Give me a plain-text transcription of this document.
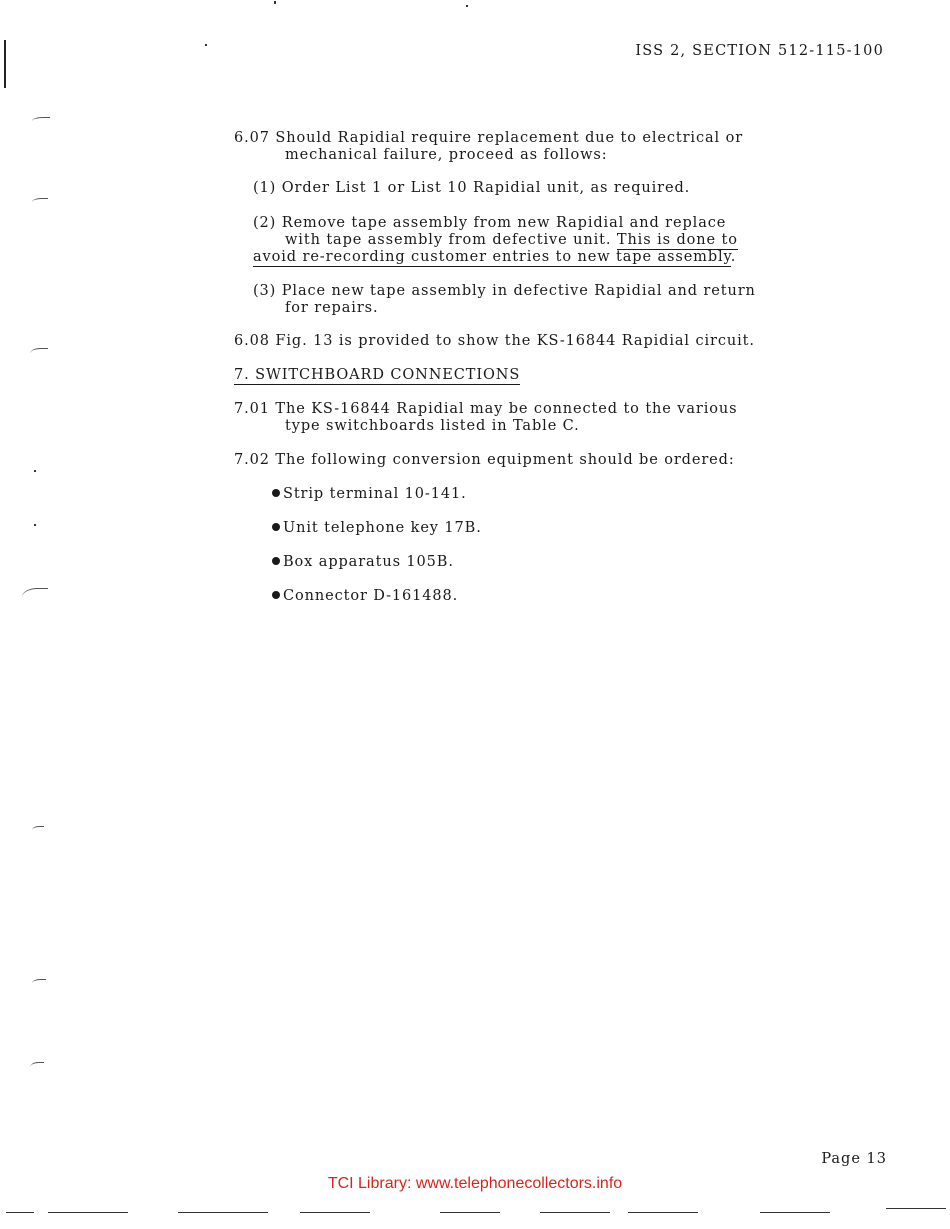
ISS 2, SECTION 512-115-100
6.07 Should Rapidial require replacement due to electrical or
mechanical failure, proceed as follows:
(1) Order List 1 or List 10 Rapidial unit, as required.
(2) Remove tape assembly from new Rapidial and replace
with tape assembly from defective unit. This is done to
avoid re-recording customer entries to new tape assembly.
(3) Place new tape assembly in defective Rapidial and return
for repairs.
6.08 Fig. 13 is provided to show the KS-16844 Rapidial circuit.
7. SWITCHBOARD CONNECTIONS
7.01 The KS-16844 Rapidial may be connected to the various
type switchboards listed in Table C.
7.02 The following conversion equipment should be ordered:
Strip terminal 10-141.
Unit telephone key 17B.
Box apparatus 105B.
Connector D-161488.
Page 13
TCI Library: www.telephonecollectors.info
